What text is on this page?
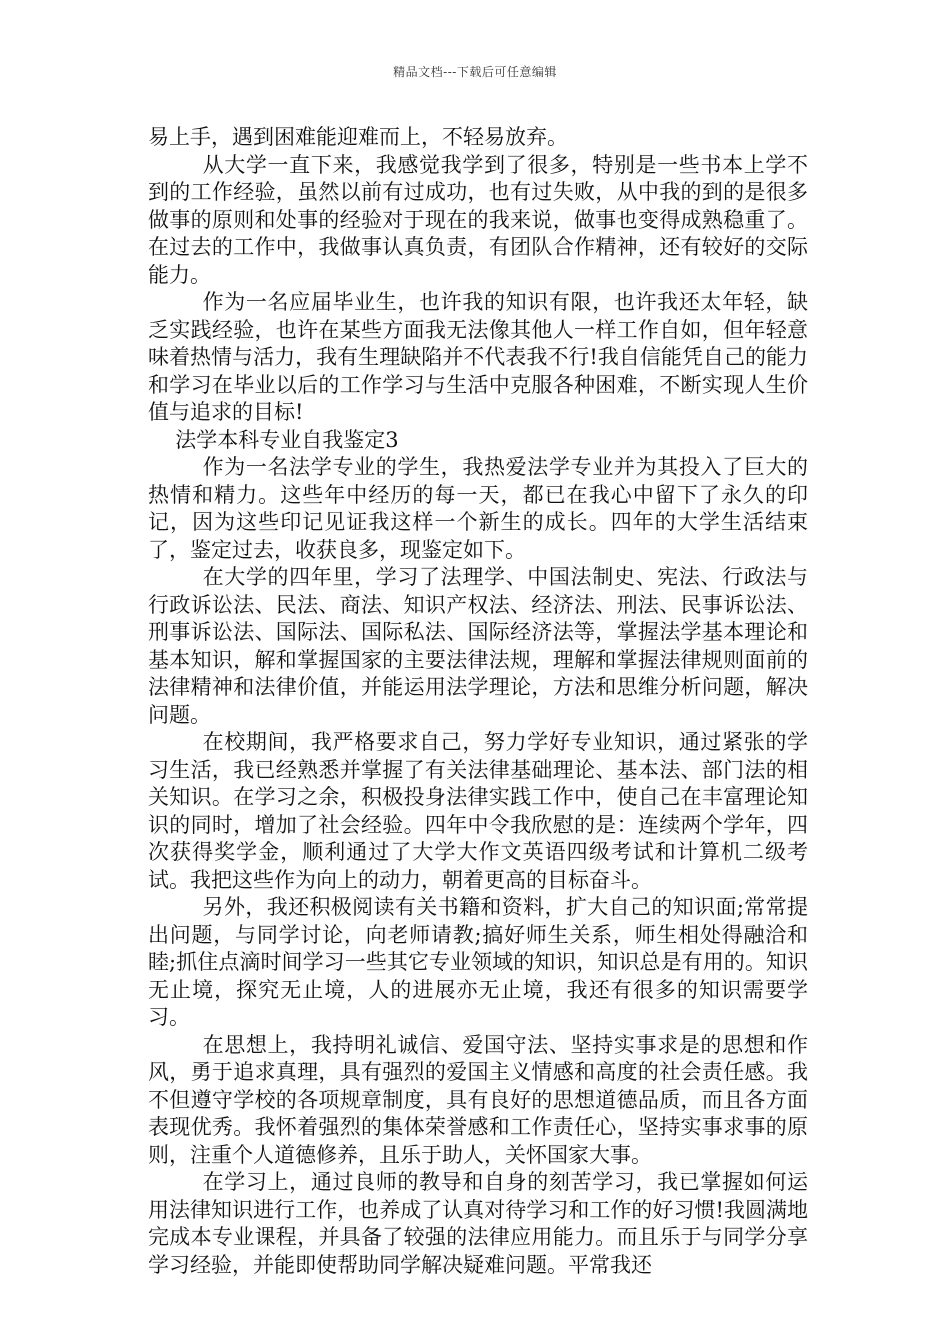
精品文档---下载后可任意编辑

易上手，遇到困难能迎难而上，不轻易放弃。

从大学一直下来，我感觉我学到了很多，特别是一些书本上学不到的工作经验，虽然以前有过成功，也有过失败，从中我的到的是很多做事的原则和处事的经验对于现在的我来说，做事也变得成熟稳重了。在过去的工作中，我做事认真负责，有团队合作精神，还有较好的交际能力。

作为一名应届毕业生，也许我的知识有限，也许我还太年轻，缺乏实践经验，也许在某些方面我无法像其他人一样工作自如，但年轻意味着热情与活力，我有生理缺陷并不代表我不行!我自信能凭自己的能力和学习在毕业以后的工作学习与生活中克服各种困难，不断实现人生价值与追求的目标!

法学本科专业自我鉴定3

作为一名法学专业的学生，我热爱法学专业并为其投入了巨大的热情和精力。这些年中经历的每一天，都已在我心中留下了永久的印记，因为这些印记见证我这样一个新生的成长。四年的大学生活结束了，鉴定过去，收获良多，现鉴定如下。

在大学的四年里，学习了法理学、中国法制史、宪法、行政法与行政诉讼法、民法、商法、知识产权法、经济法、刑法、民事诉讼法、刑事诉讼法、国际法、国际私法、国际经济法等，掌握法学基本理论和基本知识，解和掌握国家的主要法律法规，理解和掌握法律规则面前的法律精神和法律价值，并能运用法学理论，方法和思维分析问题，解决问题。

在校期间，我严格要求自己，努力学好专业知识，通过紧张的学习生活，我已经熟悉并掌握了有关法律基础理论、基本法、部门法的相关知识。在学习之余，积极投身法律实践工作中，使自己在丰富理论知识的同时，增加了社会经验。四年中令我欣慰的是：连续两个学年，四次获得奖学金，顺利通过了大学大作文英语四级考试和计算机二级考试。我把这些作为向上的动力，朝着更高的目标奋斗。

另外，我还积极阅读有关书籍和资料，扩大自己的知识面;常常提出问题，与同学讨论，向老师请教;搞好师生关系，师生相处得融洽和睦;抓住点滴时间学习一些其它专业领域的知识，知识总是有用的。知识无止境，探究无止境，人的进展亦无止境，我还有很多的知识需要学习。

在思想上，我持明礼诚信、爱国守法、坚持实事求是的思想和作风，勇于追求真理，具有强烈的爱国主义情感和高度的社会责任感。我不但遵守学校的各项规章制度，具有良好的思想道德品质，而且各方面表现优秀。我怀着强烈的集体荣誉感和工作责任心，坚持实事求事的原则，注重个人道德修养，且乐于助人，关怀国家大事。

在学习上，通过良师的教导和自身的刻苦学习，我已掌握如何运用法律知识进行工作，也养成了认真对待学习和工作的好习惯!我圆满地完成本专业课程，并具备了较强的法律应用能力。而且乐于与同学分享学习经验，并能即使帮助同学解决疑难问题。平常我还
